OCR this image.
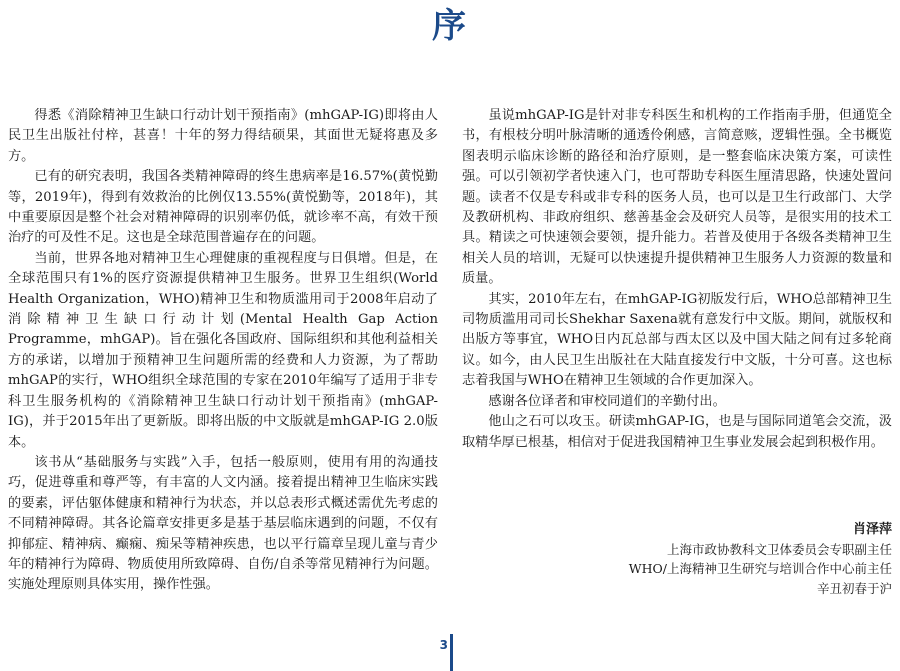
序

得悉《消除精神卫生缺口行动计划干预指南》(mhGAP-IG)即将由人民卫生出版社付梓，甚喜！十年的努力得结硕果，其面世无疑将惠及多方。

已有的研究表明，我国各类精神障碍的终生患病率是16.57%(黄悦勤等，2019年)，得到有效救治的比例仅13.55%(黄悦勤等，2018年)，其中重要原因是整个社会对精神障碍的识别率仍低，就诊率不高，有效干预治疗的可及性不足。这也是全球范围普遍存在的问题。

当前，世界各地对精神卫生心理健康的重视程度与日俱增。但是，在全球范围只有1%的医疗资源提供精神卫生服务。世界卫生组织(World Health Organization，WHO)精神卫生和物质滥用司于2008年启动了消除精神卫生缺口行动计划(Mental Health Gap Action Programme，mhGAP)。旨在强化各国政府、国际组织和其他利益相关方的承诺，以增加于预精神卫生问题所需的经费和人力资源，为了帮助mhGAP的实行，WHO组织全球范围的专家在2010年编写了适用于非专科卫生服务机构的《消除精神卫生缺口行动计划干预指南》(mhGAP-IG)，并于2015年出了更新版。即将出版的中文版就是mhGAP-IG 2.0版本。

该书从“基础服务与实践”入手，包括一般原则，使用有用的沟通技巧，促进尊重和尊严等，有丰富的人文内涵。接着提出精神卫生临床实践的要素，评估躯体健康和精神行为状态，并以总表形式概述需优先考虑的不同精神障碍。其各论篇章安排更多是基于基层临床遇到的问题，不仅有抑郁症、精神病、癫痫、痴呆等精神疾患，也以平行篇章呈现儿童与青少年的精神行为障碍、物质使用所致障碍、自伤/自杀等常见精神行为问题。实施处理原则具体实用，操作性强。

虽说mhGAP-IG是针对非专科医生和机构的工作指南手册，但通览全书，有根枝分明叶脉清晰的通透伶俐感，言简意赅，逻辑性强。全书概览图表明示临床诊断的路径和治疗原则，是一整套临床决策方案，可读性强。可以引领初学者快速入门，也可帮助专科医生厘清思路，快速处置问题。读者不仅是专科或非专科的医务人员，也可以是卫生行政部门、大学及教研机构、非政府组织、慈善基金会及研究人员等，是很实用的技术工具。精读之可快速领会要领，提升能力。若普及使用于各级各类精神卫生相关人员的培训，无疑可以快速提升提供精神卫生服务人力资源的数量和质量。

其实，2010年左右，在mhGAP-IG初版发行后，WHO总部精神卫生司物质滥用司司长Shekhar Saxena就有意发行中文版。期间，就版权和出版方等事宜，WHO日内瓦总部与西太区以及中国大陆之间有过多轮商议。如今，由人民卫生出版社在大陆直接发行中文版，十分可喜。这也标志着我国与WHO在精神卫生领域的合作更加深入。

感谢各位译者和审校同道们的辛勤付出。

他山之石可以攻玉。研读mhGAP-IG，也是与国际同道笔会交流，汲取精华厚已根基，相信对于促进我国精神卫生事业发展会起到积极作用。

肖泽萍
上海市政协教科文卫体委员会专职副主任
WHO/上海精神卫生研究与培训合作中心前主任
辛丑初春于沪
3
